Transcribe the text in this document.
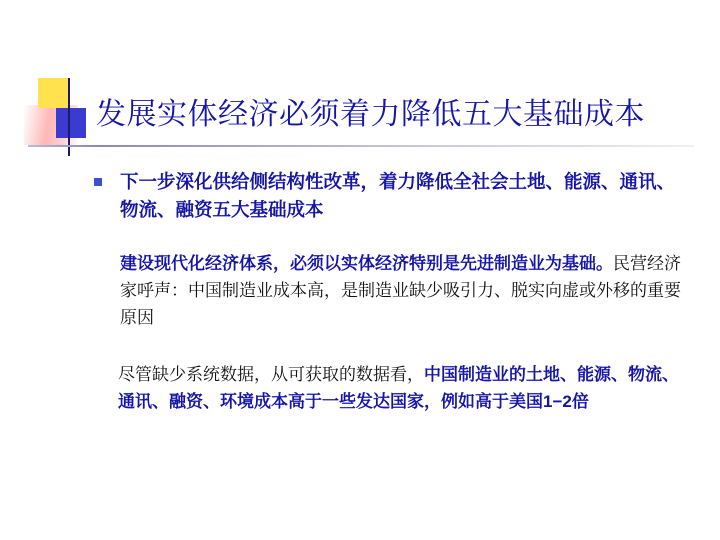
发展实体经济必须着力降低五大基础成本
下一步深化供给侧结构性改革，着力降低全社会土地、能源、通讯、物流、融资五大基础成本
建设现代化经济体系，必须以实体经济特别是先进制造业为基础。民营经济家呼声：中国制造业成本高，是制造业缺少吸引力、脱实向虚或外移的重要原因
尽管缺少系统数据，从可获取的数据看，中国制造业的土地、能源、物流、通讯、融资、环境成本高于一些发达国家，例如高于美国1−2倍
